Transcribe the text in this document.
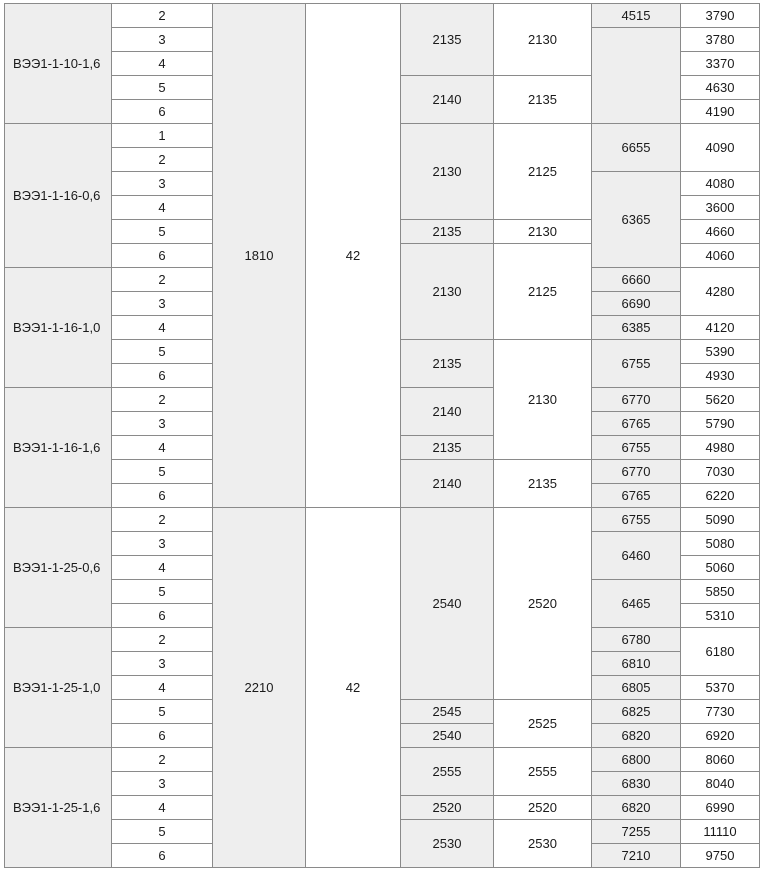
ВЭЭ1-1-10-1,6	2	1810	42	2135	2130	4515	3790
	3						3780
	4						3370
	5			2140	2135		4630
	6						4190
ВЭЭ1-1-16-0,6	1			2130	2125	6655	4090
	2						
	3					6365	4080
	4						3600
	5			2135	2130		4660
	6			2130	2125		4060
ВЭЭ1-1-16-1,0	2					6660	4280
	3					6690	
	4					6385	4120
	5			2135	2130	6755	5390
	6						4930
ВЭЭ1-1-16-1,6	2			2140		6770	5620
	3					6765	5790
	4			2135		6755	4980
	5			2140	2135	6770	7030
	6					6765	6220
ВЭЭ1-1-25-0,6	2	2210	42	2540	2520	6755	5090
	3					6460	5080
	4						5060
	5					6465	5850
	6						5310
ВЭЭ1-1-25-1,0	2					6780	6180
	3					6810	
	4					6805	5370
	5			2545	2525	6825	7730
	6			2540		6820	6920
ВЭЭ1-1-25-1,6	2			2555	2555	6800	8060
	3					6830	8040
	4			2520	2520	6820	6990
	5			2530	2530	7255	11110
	6					7210	9750
